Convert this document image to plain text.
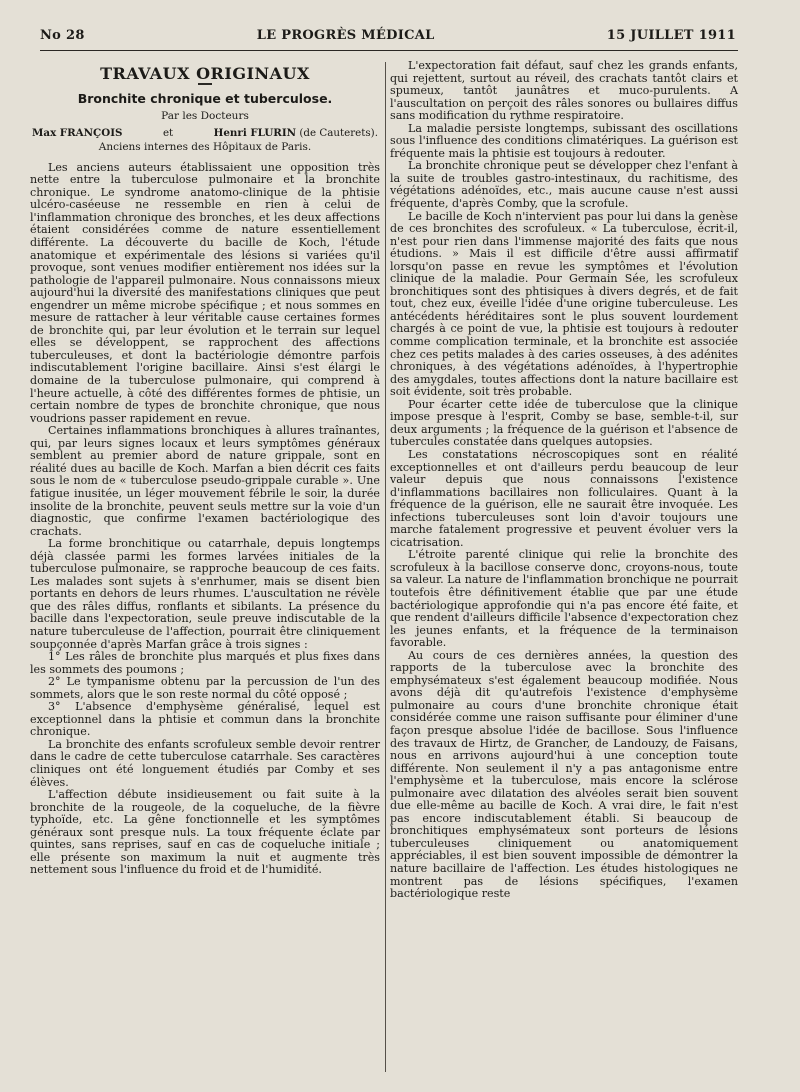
No 28	LE PROGRÈS MÉDICAL	15 JUILLET 1911
TRAVAUX ORIGINAUX
Bronchite chronique et tuberculose.
Par les Docteurs
Max FRANÇOIS	et	Henri FLURIN (de Cauterets).
Anciens internes des Hôpitaux de Paris.

Les anciens auteurs établissaient une opposition très nette entre la tuberculose pulmonaire et la bronchite chronique. Le syndrome anatomo-clinique de la phtisie ulcéro-caséeuse ne ressemble en rien à celui de l'inflammation chronique des bronches, et les deux affections étaient considérées comme de nature essentiellement différente. La découverte du bacille de Koch, l'étude anatomique et expérimentale des lésions si variées qu'il provoque, sont venues modifier entièrement nos idées sur la pathologie de l'appareil pulmonaire. Nous connaissons mieux aujourd'hui la diversité des manifestations cliniques que peut engendrer un même microbe spécifique ; et nous sommes en mesure de rattacher à leur véritable cause certaines formes de bronchite qui, par leur évolution et le terrain sur lequel elles se développent, se rapprochent des affections tuberculeuses, et dont la bactériologie démontre parfois indiscutablement l'origine bacillaire. Ainsi s'est élargi le domaine de la tuberculose pulmonaire, qui comprend à l'heure actuelle, à côté des différentes formes de phtisie, un certain nombre de types de bronchite chronique, que nous voudrions passer rapidement en revue.

Certaines inflammations bronchiques à allures traînantes, qui, par leurs signes locaux et leurs symptômes généraux semblent au premier abord de nature grippale, sont en réalité dues au bacille de Koch. Marfan a bien décrit ces faits sous le nom de « tuberculose pseudo-grippale curable ». Une fatigue inusitée, un léger mouvement fébrile le soir, la durée insolite de la bronchite, peuvent seuls mettre sur la voie d'un diagnostic, que confirme l'examen bactériologique des crachats.

La forme bronchitique ou catarrhale, depuis longtemps déjà classée parmi les formes larvées initiales de la tuberculose pulmonaire, se rapproche beaucoup de ces faits. Les malades sont sujets à s'enrhumer, mais se disent bien portants en dehors de leurs rhumes. L'auscultation ne révèle que des râles diffus, ronflants et sibilants. La présence du bacille dans l'expectoration, seule preuve indiscutable de la nature tuberculeuse de l'affection, pourrait être cliniquement soupçonnée d'après Marfan grâce à trois signes :

1° Les râles de bronchite plus marqués et plus fixes dans les sommets des poumons ;

2° Le tympanisme obtenu par la percussion de l'un des sommets, alors que le son reste normal du côté opposé ;

3° L'absence d'emphysème généralisé, lequel est exceptionnel dans la phtisie et commun dans la bronchite chronique.

La bronchite des enfants scrofuleux semble devoir rentrer dans le cadre de cette tuberculose catarrhale. Ses caractères cliniques ont été longuement étudiés par Comby et ses élèves.

L'affection débute insidieusement ou fait suite à la bronchite de la rougeole, de la coqueluche, de la fièvre typhoïde, etc. La gêne fonctionnelle et les symptômes généraux sont presque nuls. La toux fréquente éclate par quintes, sans reprises, sauf en cas de coqueluche initiale ; elle présente son maximum la nuit et augmente très nettement sous l'influence du froid et de l'humidité.

L'expectoration fait défaut, sauf chez les grands enfants, qui rejettent, surtout au réveil, des crachats tantôt clairs et spumeux, tantôt jaunâtres et muco-purulents. A l'auscultation on perçoit des râles sonores ou bullaires diffus sans modification du rythme respiratoire.

La maladie persiste longtemps, subissant des oscillations sous l'influence des conditions climatériques. La guérison est fréquente mais la phtisie est toujours à redouter.

La bronchite chronique peut se développer chez l'enfant à la suite de troubles gastro-intestinaux, du rachitisme, des végétations adénoïdes, etc., mais aucune cause n'est aussi fréquente, d'après Comby, que la scrofule.

Le bacille de Koch n'intervient pas pour lui dans la genèse de ces bronchites des scrofuleux. « La tuberculose, écrit-il, n'est pour rien dans l'immense majorité des faits que nous étudions. » Mais il est difficile d'être aussi affirmatif lorsqu'on passe en revue les symptômes et l'évolution clinique de la maladie. Pour Germain Sée, les scrofuleux bronchitiques sont des phtisiques à divers degrés, et de fait tout, chez eux, éveille l'idée d'une origine tuberculeuse. Les antécédents héréditaires sont le plus souvent lourdement chargés à ce point de vue, la phtisie est toujours à redouter comme complication terminale, et la bronchite est associée chez ces petits malades à des caries osseuses, à des adénites chroniques, à des végétations adénoïdes, à l'hypertrophie des amygdales, toutes affections dont la nature bacillaire est soit évidente, soit très probable.

Pour écarter cette idée de tuberculose que la clinique impose presque à l'esprit, Comby se base, semble-t-il, sur deux arguments ; la fréquence de la guérison et l'absence de tubercules constatée dans quelques autopsies.

Les constatations nécroscopiques sont en réalité exceptionnelles et ont d'ailleurs perdu beaucoup de leur valeur depuis que nous connaissons l'existence d'inflammations bacillaires non folliculaires. Quant à la fréquence de la guérison, elle ne saurait être invoquée. Les infections tuberculeuses sont loin d'avoir toujours une marche fatalement progressive et peuvent évoluer vers la cicatrisation.

L'étroite parenté clinique qui relie la bronchite des scrofuleux à la bacillose conserve donc, croyons-nous, toute sa valeur. La nature de l'inflammation bronchique ne pourrait toutefois être définitivement établie que par une étude bactériologique approfondie qui n'a pas encore été faite, et que rendent d'ailleurs difficile l'absence d'expectoration chez les jeunes enfants, et la fréquence de la terminaison favorable.

Au cours de ces dernières années, la question des rapports de la tuberculose avec la bronchite des emphysémateux s'est également beaucoup modifiée. Nous avons déjà dit qu'autrefois l'existence d'emphysème pulmonaire au cours d'une bronchite chronique était considérée comme une raison suffisante pour éliminer d'une façon presque absolue l'idée de bacillose. Sous l'influence des travaux de Hirtz, de Grancher, de Landouzy, de Faisans, nous en arrivons aujourd'hui à une conception toute différente. Non seulement il n'y a pas antagonisme entre l'emphysème et la tuberculose, mais encore la sclérose pulmonaire avec dilatation des alvéoles serait bien souvent due elle-même au bacille de Koch. A vrai dire, le fait n'est pas encore indiscutablement établi. Si beaucoup de bronchitiques emphysémateux sont porteurs de lésions tuberculeuses cliniquement ou anatomiquement appréciables, il est bien souvent impossible de démontrer la nature bacillaire de l'affection. Les études histologiques ne montrent pas de lésions spécifiques, l'examen bactériologique reste
